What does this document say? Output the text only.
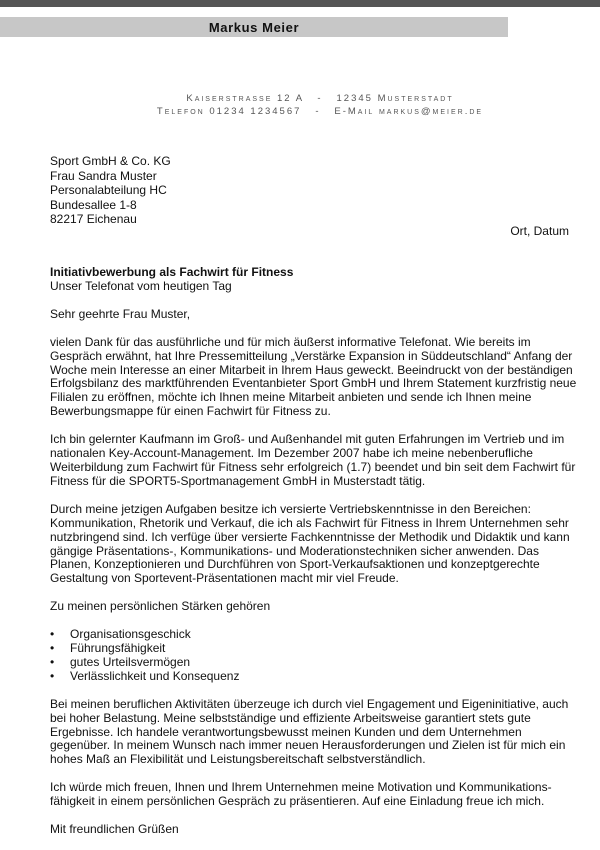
Markus Meier
Kaiserstrasse 12 A   -   12345 Musterstadt
Telefon 01234 1234567   -   E-Mail markus@meier.de
Sport GmbH & Co. KG
Frau Sandra Muster
Personalabteilung HC
Bundesallee 1-8
82217 Eichenau
Ort, Datum
Initiativbewerbung als Fachwirt für Fitness
Unser Telefonat vom heutigen Tag

Sehr geehrte Frau Muster,

vielen Dank für das ausführliche und für mich äußerst informative Telefonat. Wie bereits im Gespräch erwähnt, hat Ihre Pressemitteilung „Verstärke Expansion in Süddeutschland“ Anfang der Woche mein Interesse an einer Mitarbeit in Ihrem Haus geweckt. Beeindruckt von der beständigen Erfolgsbilanz des marktführenden Eventanbieter Sport GmbH und Ihrem Statement kurzfristig neue Filialen zu eröffnen, möchte ich Ihnen meine Mitarbeit anbieten und sende ich Ihnen meine Bewerbungsmappe für einen Fachwirt für Fitness zu.

Ich bin gelernter Kaufmann im Groß- und Außenhandel mit guten Erfahrungen im Vertrieb und im nationalen Key-Account-Management. Im Dezember 2007 habe ich meine nebenberufliche Weiterbildung zum Fachwirt für Fitness sehr erfolgreich (1.7) beendet und bin seit dem Fachwirt für Fitness für die SPORT5-Sportmanagement GmbH in Musterstadt tätig.

Durch meine jetzigen Aufgaben besitze ich versierte Vertriebskenntnisse in den Bereichen: Kommunikation, Rhetorik und Verkauf, die ich als Fachwirt für Fitness in Ihrem Unternehmen sehr nutzbringend sind. Ich verfüge über versierte Fachkenntnisse der Methodik und Didaktik und kann gängige Präsentations-, Kommunikations- und Moderationstechniken sicher anwenden. Das Planen, Konzeptionieren und Durchführen von Sport-Verkaufsaktionen und konzeptgerechte Gestaltung von Sportevent-Präsentationen macht mir viel Freude.

Zu meinen persönlichen Stärken gehören

• Organisationsgeschick
• Führungsfähigkeit
• gutes Urteilsvermögen
• Verlässlichkeit und Konsequenz

Bei meinen beruflichen Aktivitäten überzeuge ich durch viel Engagement und Eigeninitiative, auch bei hoher Belastung. Meine selbstständige und effiziente Arbeitsweise garantiert stets gute Ergebnisse. Ich handele verantwortungsbewusst meinen Kunden und dem Unternehmen gegenüber. In meinem Wunsch nach immer neuen Herausforderungen und Zielen ist für mich ein hohes Maß an Flexibilität und Leistungsbereitschaft selbstverständlich.

Ich würde mich freuen, Ihnen und Ihrem Unternehmen meine Motivation und Kommunikations-fähigkeit in einem persönlichen Gespräch zu präsentieren. Auf eine Einladung freue ich mich.

Mit freundlichen Grüßen
